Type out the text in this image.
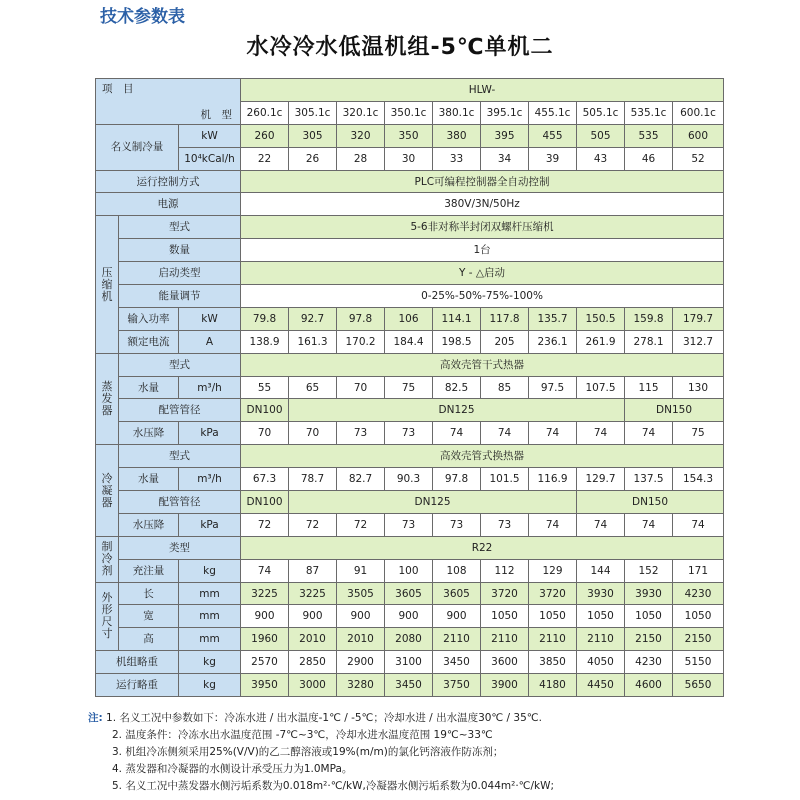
技术参数表
水冷冷水低温机组-5℃单机二
项　目
机　型			HLW-									
			260.1c	305.1c	320.1c	350.1c	380.1c	395.1c	455.1c	505.1c	535.1c	600.1c
名义制冷量		kW	260	305	320	350	380	395	455	505	535	600
		10⁴kCal/h	22	26	28	30	33	34	39	43	46	52
运行控制方式			PLC可编程控制器全自动控制									
电源			380V/3N/50Hz									

压缩机	型式		5-6非对称半封闭双螺杆压缩机									
	数量		1台									
	启动类型		Y - △启动									
	能量调节		0-25%-50%-75%-100%									
	输入功率	kW	79.8	92.7	97.8	106	114.1	117.8	135.7	150.5	159.8	179.7
	额定电流	A	138.9	161.3	170.2	184.4	198.5	205	236.1	261.9	278.1	312.7

蒸发器	型式		高效壳管干式热器									
	水量	m³/h	55	65	70	75	82.5	85	97.5	107.5	115	130
	配管管径		DN100	DN125							DN150	
	水压降	kPa	70	70	73	73	74	74	74	74	74	75

冷凝器	型式		高效壳管式换热器									
	水量	m³/h	67.3	78.7	82.7	90.3	97.8	101.5	116.9	129.7	137.5	154.3
	配管管径		DN100	DN125						DN150		
	水压降	kPa	72	72	72	73	73	73	74	74	74	74

制冷剂	类型		R22									
	充注量	kg	74	87	91	100	108	112	129	144	152	171

外形尺寸	长	mm	3225	3225	3505	3605	3605	3720	3720	3930	3930	4230
	宽	mm	900	900	900	900	900	1050	1050	1050	1050	1050
	高	mm	1960	2010	2010	2080	2110	2110	2110	2110	2150	2150
机组略重		kg	2570	2850	2900	3100	3450	3600	3850	4050	4230	5150
运行略重		kg	3950	3000	3280	3450	3750	3900	4180	4450	4600	5650
注: 1. 名义工况中参数如下：冷冻水进 / 出水温度-1℃ / -5℃；冷却水进 / 出水温度30℃ / 35℃.
2. 温度条件：冷冻水出水温度范围 -7℃~3℃，冷却水进水温度范围 19℃~33℃
3. 机组冷冻侧须采用25%(V/V)的乙二醇溶液或19%(m/m)的氯化钙溶液作防冻剂；
4. 蒸发器和冷凝器的水侧设计承受压力为1.0MPa。
5. 名义工况中蒸发器水侧污垢系数为0.018m²·℃/kW,冷凝器水侧污垢系数为0.044m²·℃/kW;
